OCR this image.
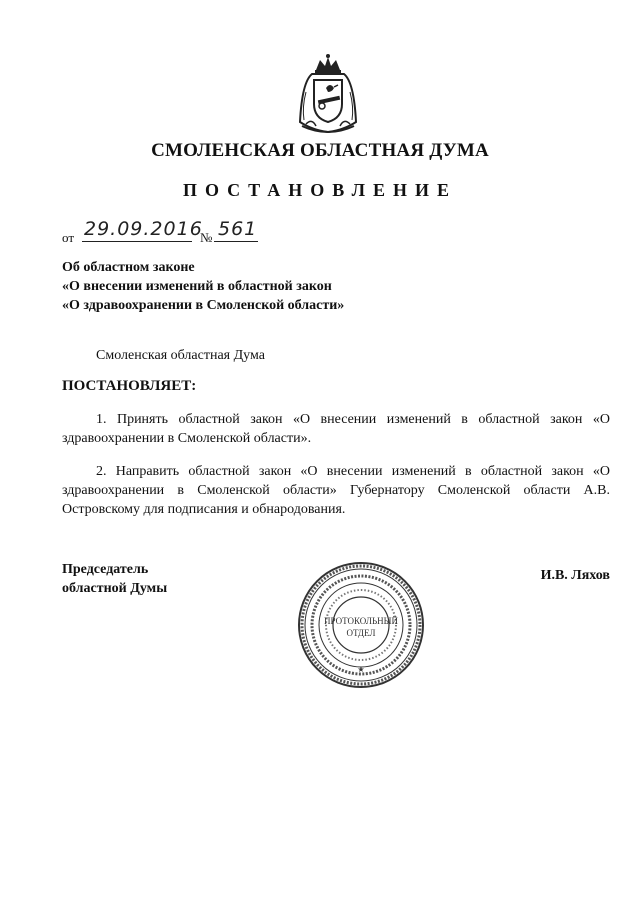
СМОЛЕНСКАЯ ОБЛАСТНАЯ ДУМА
ПОСТАНОВЛЕНИЕ
от 29.09.2016
№ 561
Об областном законе
«О внесении изменений в областной закон
«О здравоохранении в Смоленской области»
Смоленская областная Дума
ПОСТАНОВЛЯЕТ:
1. Принять областной закон «О внесении изменений в областной закон «О здравоохранении в Смоленской области».
2. Направить областной закон «О внесении изменений в областной закон «О здравоохранении в Смоленской области» Губернатору Смоленской области А.В. Островскому для подписания и обнародования.
Председатель
областной Думы
И.В. Ляхов
ПРОТОКОЛЬНЫЙ
ОТДЕЛ
★
